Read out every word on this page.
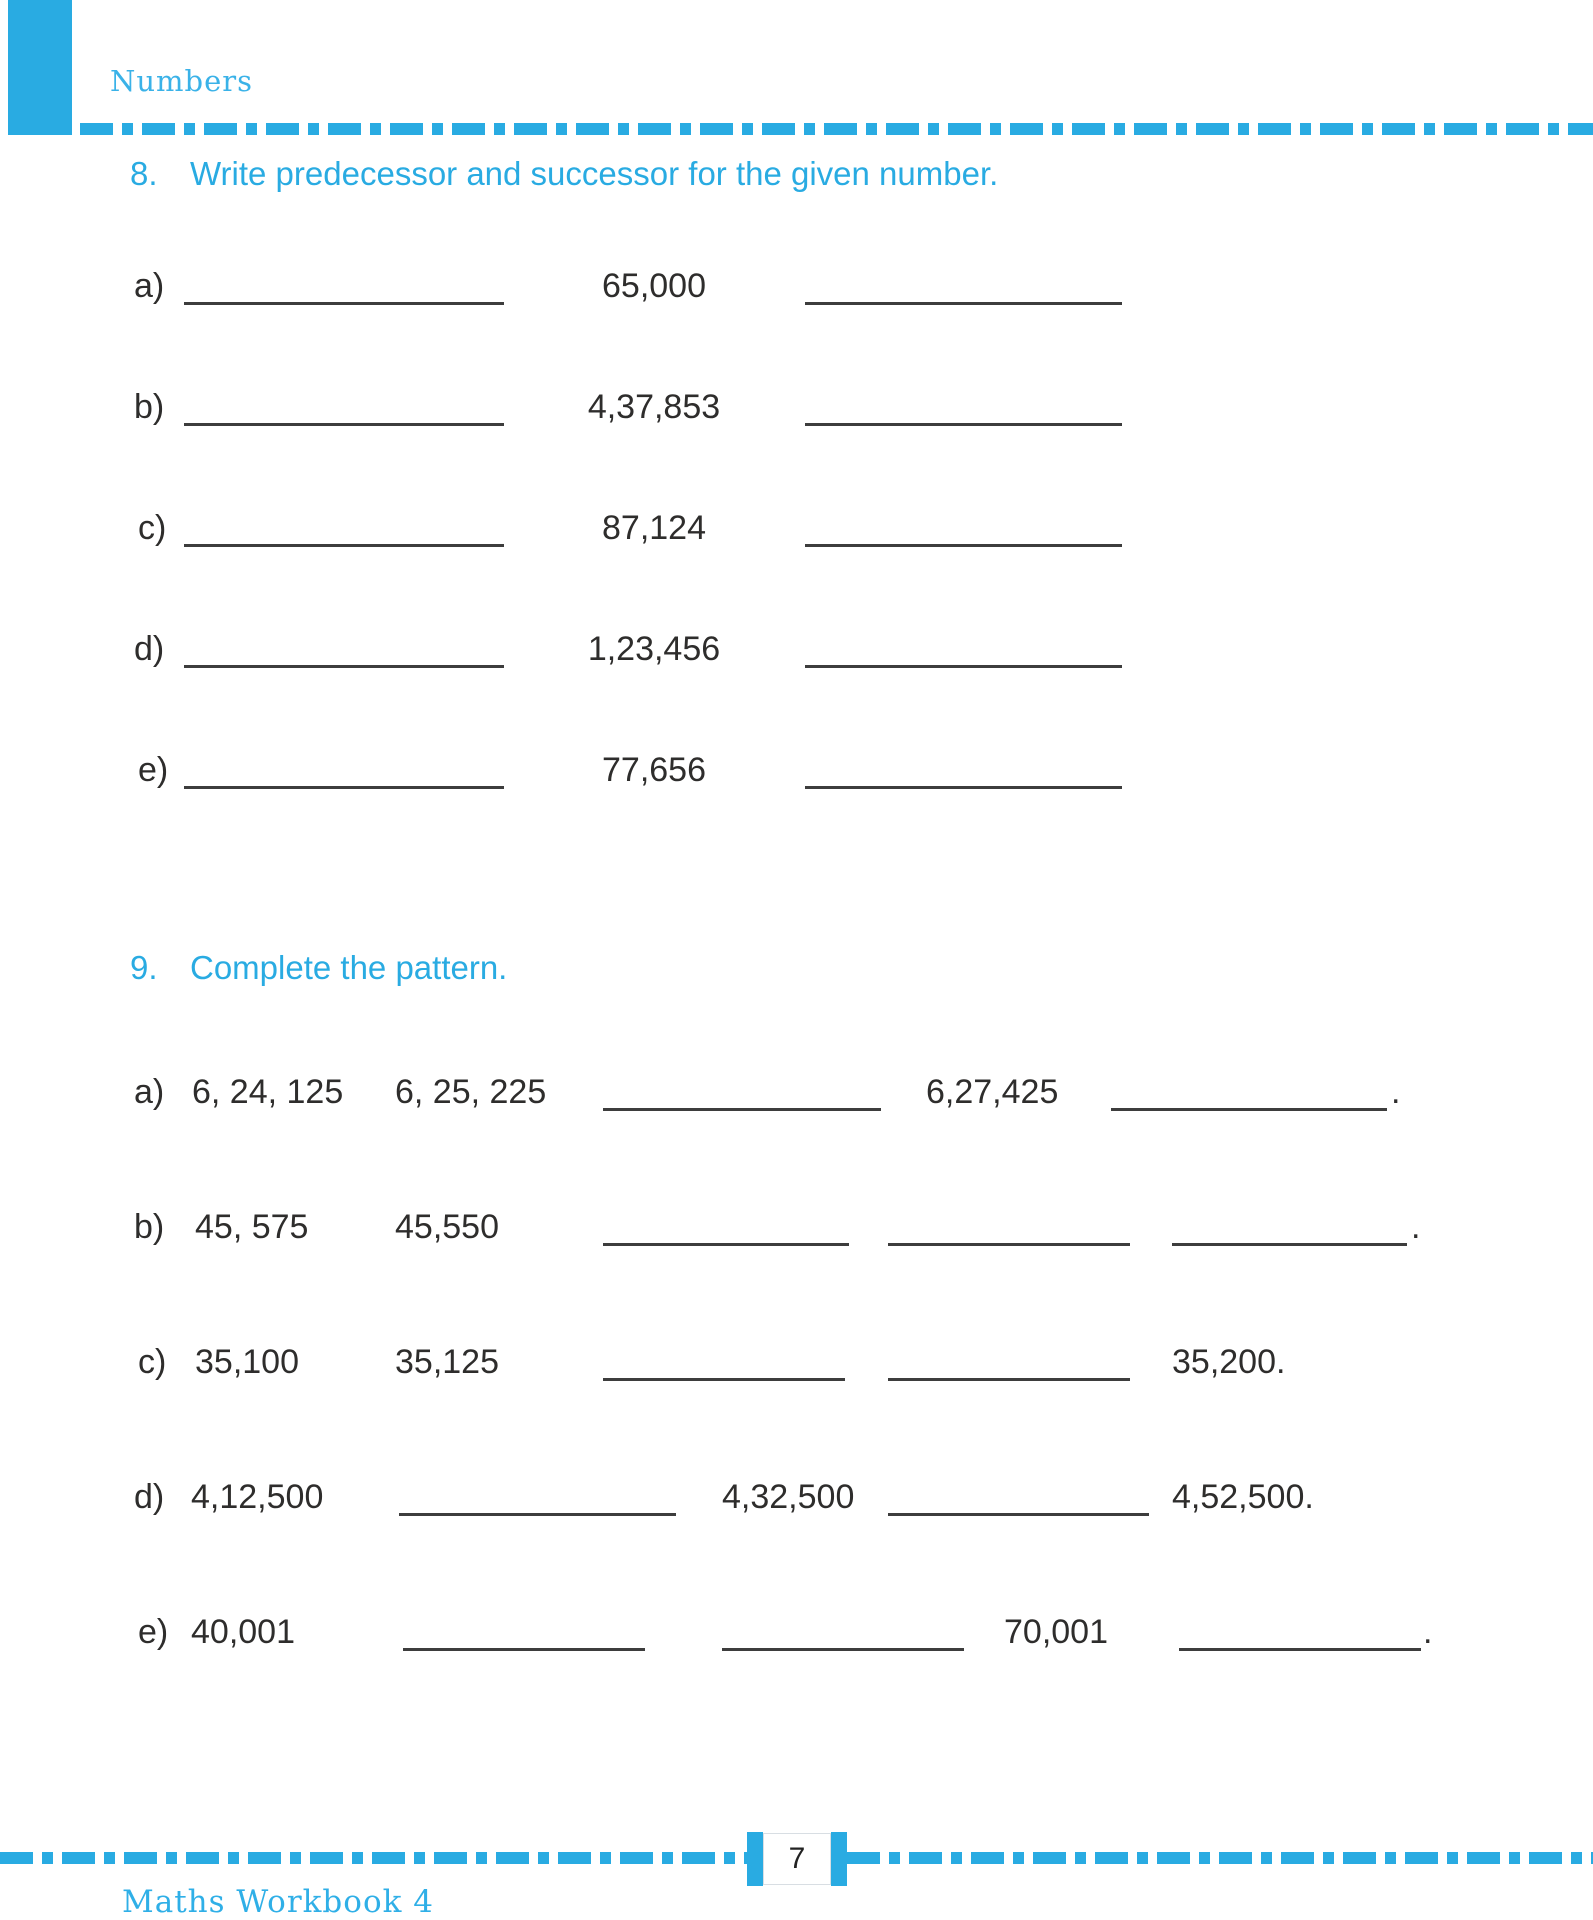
Numbers
8. Write predecessor and successor for the given number.
a)	65,000
b)	4,37,853
c)	87,124
d)	1,23,456
e)	77,656
9. Complete the pattern.
a) 6, 24, 125 6, 25, 225	6,27,425	.
b) 45, 575	45,550	.
c) 35,100	35,125	35,200.
d) 4,12,500	4,32,500	4,52,500.
e) 40,001	70,001	.
7
Maths Workbook 4
